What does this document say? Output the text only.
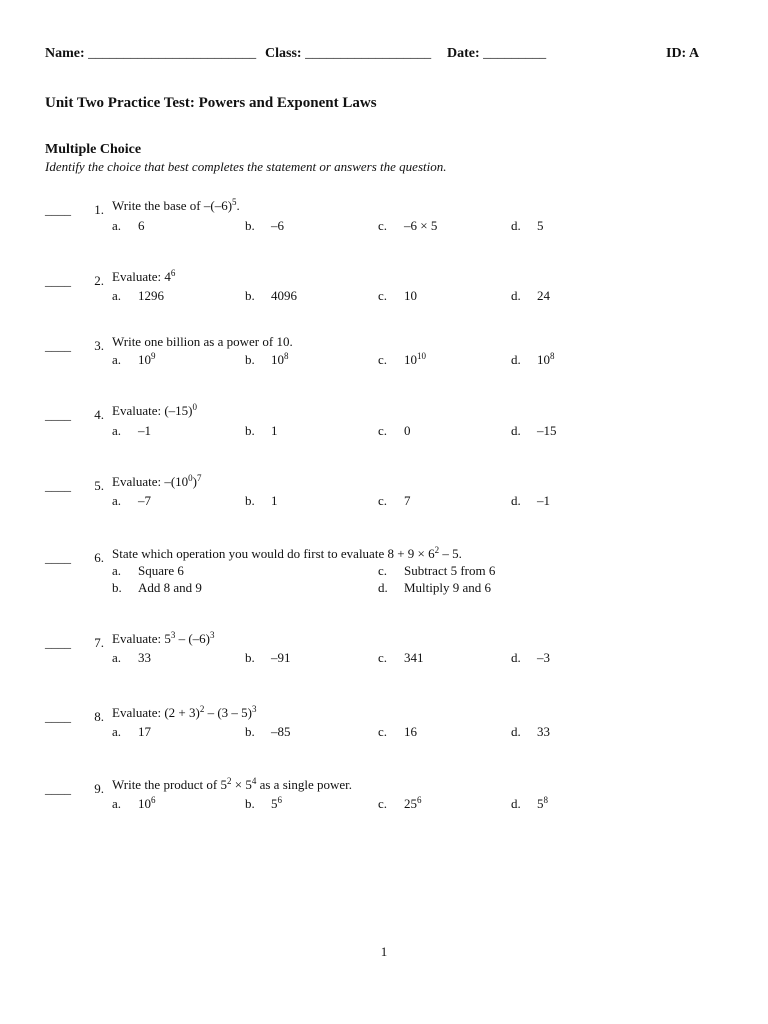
Name: ________________________ Class: __________________ Date: _________	ID: A
Unit Two Practice Test: Powers and Exponent Laws
Multiple Choice
Identify the choice that best completes the statement or answers the question.
____	1. Write the base of $-(-6)^5$.
a. 6	b. –6	c. –6 × 5	d. 5
____	2. Evaluate: $4^6$
a. 1296	b. 4096	c. 10	d. 24
____	3. Write one billion as a power of 10.
a. $10^9$	b. $10^8$	c. $10^{10}$	d. $10^8$
____	4. Evaluate: $(-15)^0$
a. –1	b. 1	c. 0	d. –15
____	5. Evaluate: $-(10^0)^7$
a. –7	b. 1	c. 7	d. –1
____	6. State which operation you would do first to evaluate $8 + 9 \times 6^2 - 5$.
a. Square 6	c. Subtract 5 from 6
b. Add 8 and 9	d. Multiply 9 and 6
____	7. Evaluate: $5^3 - (-6)^3$
a. 33	b. –91	c. 341	d. –3
____	8. Evaluate: $(2 + 3)^2 - (3 - 5)^3$
a. 17	b. –85	c. 16	d. 33
____	9. Write the product of $5^2 \times 5^4$ as a single power.
a. $10^6$	b. $5^6$	c. $25^6$	d. $5^8$
1
